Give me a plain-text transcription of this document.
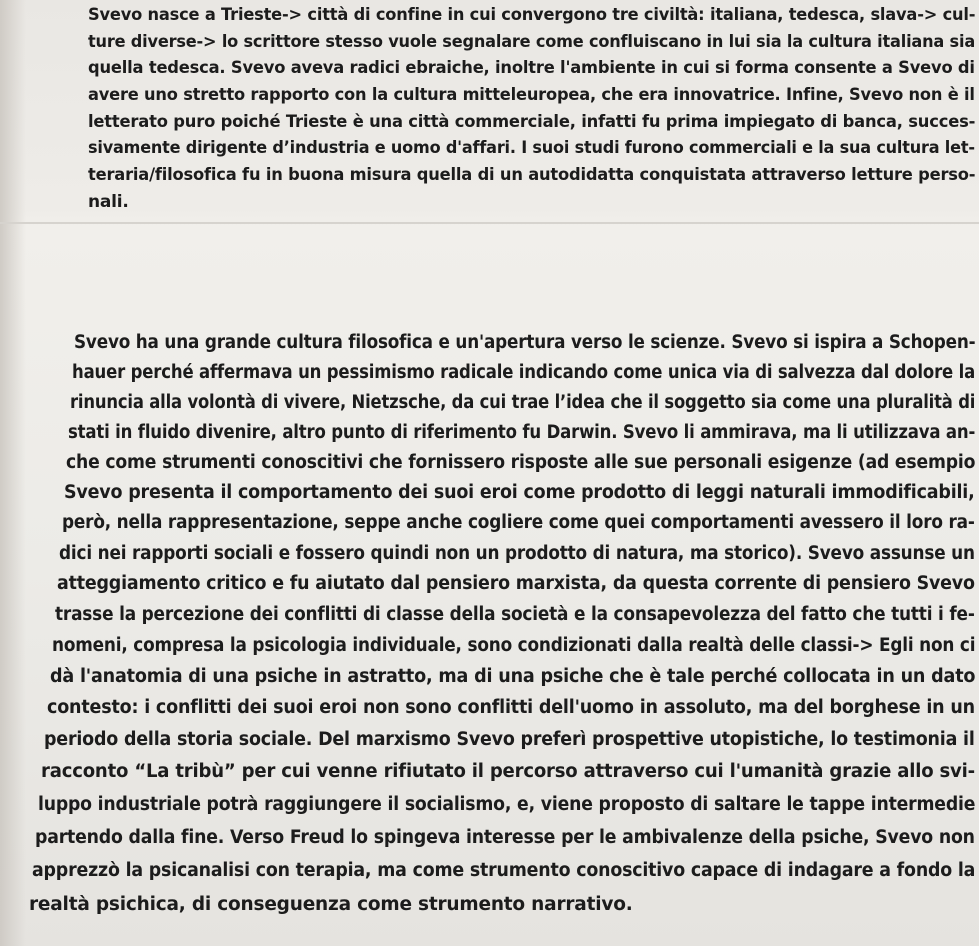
Svevo nasce a Trieste-> città di confine in cui convergono tre civiltà: italiana, tedesca, slava-> cul-
ture diverse-> lo scrittore stesso vuole segnalare come confluiscano in lui sia la cultura italiana sia
quella tedesca. Svevo aveva radici ebraiche, inoltre l'ambiente in cui si forma consente a Svevo di
avere uno stretto rapporto con la cultura mitteleuropea, che era innovatrice. Infine, Svevo non è il
letterato puro poiché Trieste è una città commerciale, infatti fu prima impiegato di banca, succes-
sivamente dirigente d’industria e uomo d'affari. I suoi studi furono commerciali e la sua cultura let-
teraria/filosofica fu in buona misura quella di un autodidatta conquistata attraverso letture perso-
nali.
Svevo ha una grande cultura filosofica e un'apertura verso le scienze. Svevo si ispira a Schopen-
hauer perché affermava un pessimismo radicale indicando come unica via di salvezza dal dolore la
rinuncia alla volontà di vivere, Nietzsche, da cui trae l’idea che il soggetto sia come una pluralità di
stati in fluido divenire, altro punto di riferimento fu Darwin. Svevo li ammirava, ma li utilizzava an-
che come strumenti conoscitivi che fornissero risposte alle sue personali esigenze (ad esempio
Svevo presenta il comportamento dei suoi eroi come prodotto di leggi naturali immodificabili,
però, nella rappresentazione, seppe anche cogliere come quei comportamenti avessero il loro ra-
dici nei rapporti sociali e fossero quindi non un prodotto di natura, ma storico). Svevo assunse un
atteggiamento critico e fu aiutato dal pensiero marxista, da questa corrente di pensiero Svevo
trasse la percezione dei conflitti di classe della società e la consapevolezza del fatto che tutti i fe-
nomeni, compresa la psicologia individuale, sono condizionati dalla realtà delle classi-> Egli non ci
dà l'anatomia di una psiche in astratto, ma di una psiche che è tale perché collocata in un dato
contesto: i conflitti dei suoi eroi non sono conflitti dell'uomo in assoluto, ma del borghese in un
periodo della storia sociale. Del marxismo Svevo preferì prospettive utopistiche, lo testimonia il
racconto “La tribù” per cui venne rifiutato il percorso attraverso cui l'umanità grazie allo svi-
luppo industriale potrà raggiungere il socialismo, e, viene proposto di saltare le tappe intermedie
partendo dalla fine. Verso Freud lo spingeva interesse per le ambivalenze della psiche, Svevo non
apprezzò la psicanalisi con terapia, ma come strumento conoscitivo capace di indagare a fondo la
realtà psichica, di conseguenza come strumento narrativo.
